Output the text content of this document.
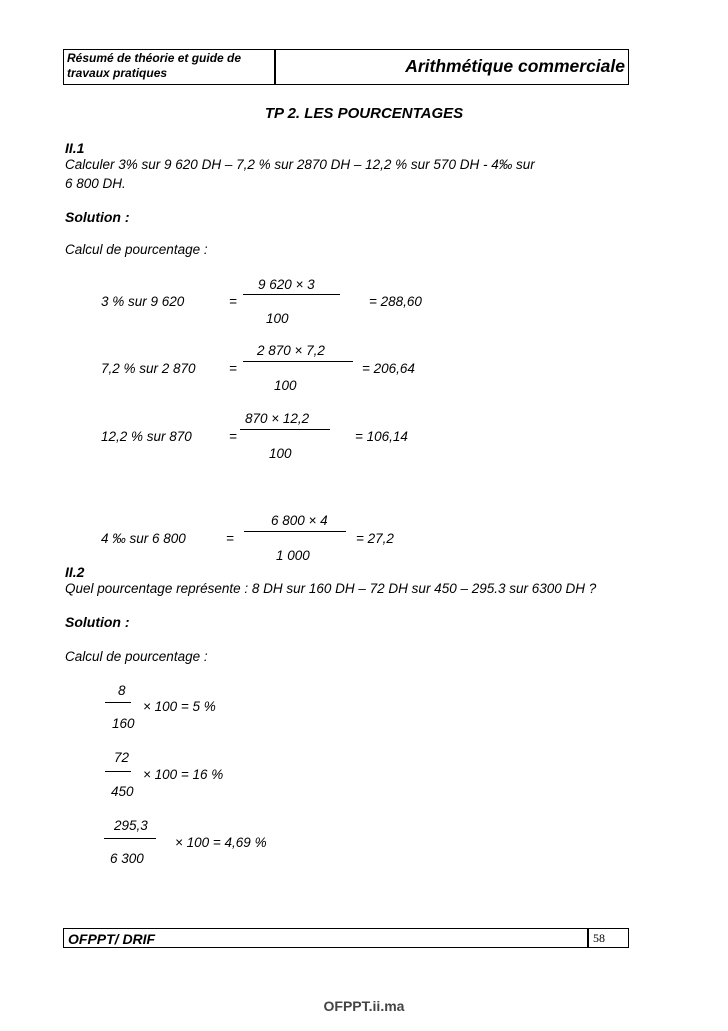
Résumé de théorie et guide de
travaux pratiques	Arithmétique commerciale
TP 2. LES POURCENTAGES
II.1
Calculer 3% sur 9 620 DH – 7,2 % sur 2870 DH – 12,2 % sur 570 DH - 4‰ sur
6 800 DH.
Solution :
Calcul de pourcentage :
9 620 × 3
3 % sur 9 620	=	= 288,60
100
2 870 × 7,2
7,2 % sur 2 870 =	= 206,64
100
870 × 12,2
12,2 % sur 870	=	= 106,14
100
6 800 × 4
4 ‰ sur 6 800	=	= 27,2
1 000
II.2
Quel pourcentage représente : 8 DH sur 160 DH – 72 DH sur 450 – 295.3 sur 6300 DH ?
Solution :
Calcul de pourcentage :
8
× 100 = 5 %
160
72
× 100 = 16 %
450
295,3
× 100 = 4,69 %
6 300
OFPPT/ DRIF	58
OFPPT.ii.ma
